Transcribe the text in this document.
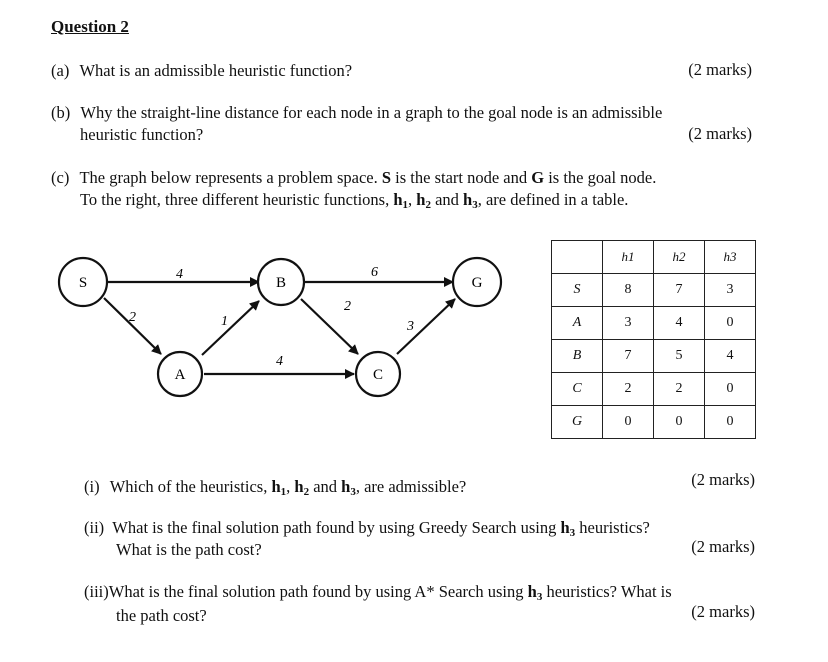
Question 2
(a) What is an admissible heuristic function?	(2 marks)
(b) Why the straight-line distance for each node in a graph to the goal node is an admissible
heuristic function?	(2 marks)
(c) The graph below represents a problem space. S is the start node and G is the goal node.
To the right, three different heuristic functions, $h_1$, $h_2$ and $h_3$, are defined in a table.
4
2	1
4
6
2
3
S	B	G
A	C
	h1	h2	h3
S	8	7	3
A	3	4	0
B	7	5	4
C	2	2	0
G	0	0	0
(i) Which of the heuristics, $h_1$, $h_2$ and $h_3$, are admissible?	(2 marks)
(ii) What is the final solution path found by using Greedy Search using $h_3$ heuristics?
What is the path cost?	(2 marks)
(iii)What is the final solution path found by using A* Search using $h_3$ heuristics? What is
the path cost?	(2 marks)
